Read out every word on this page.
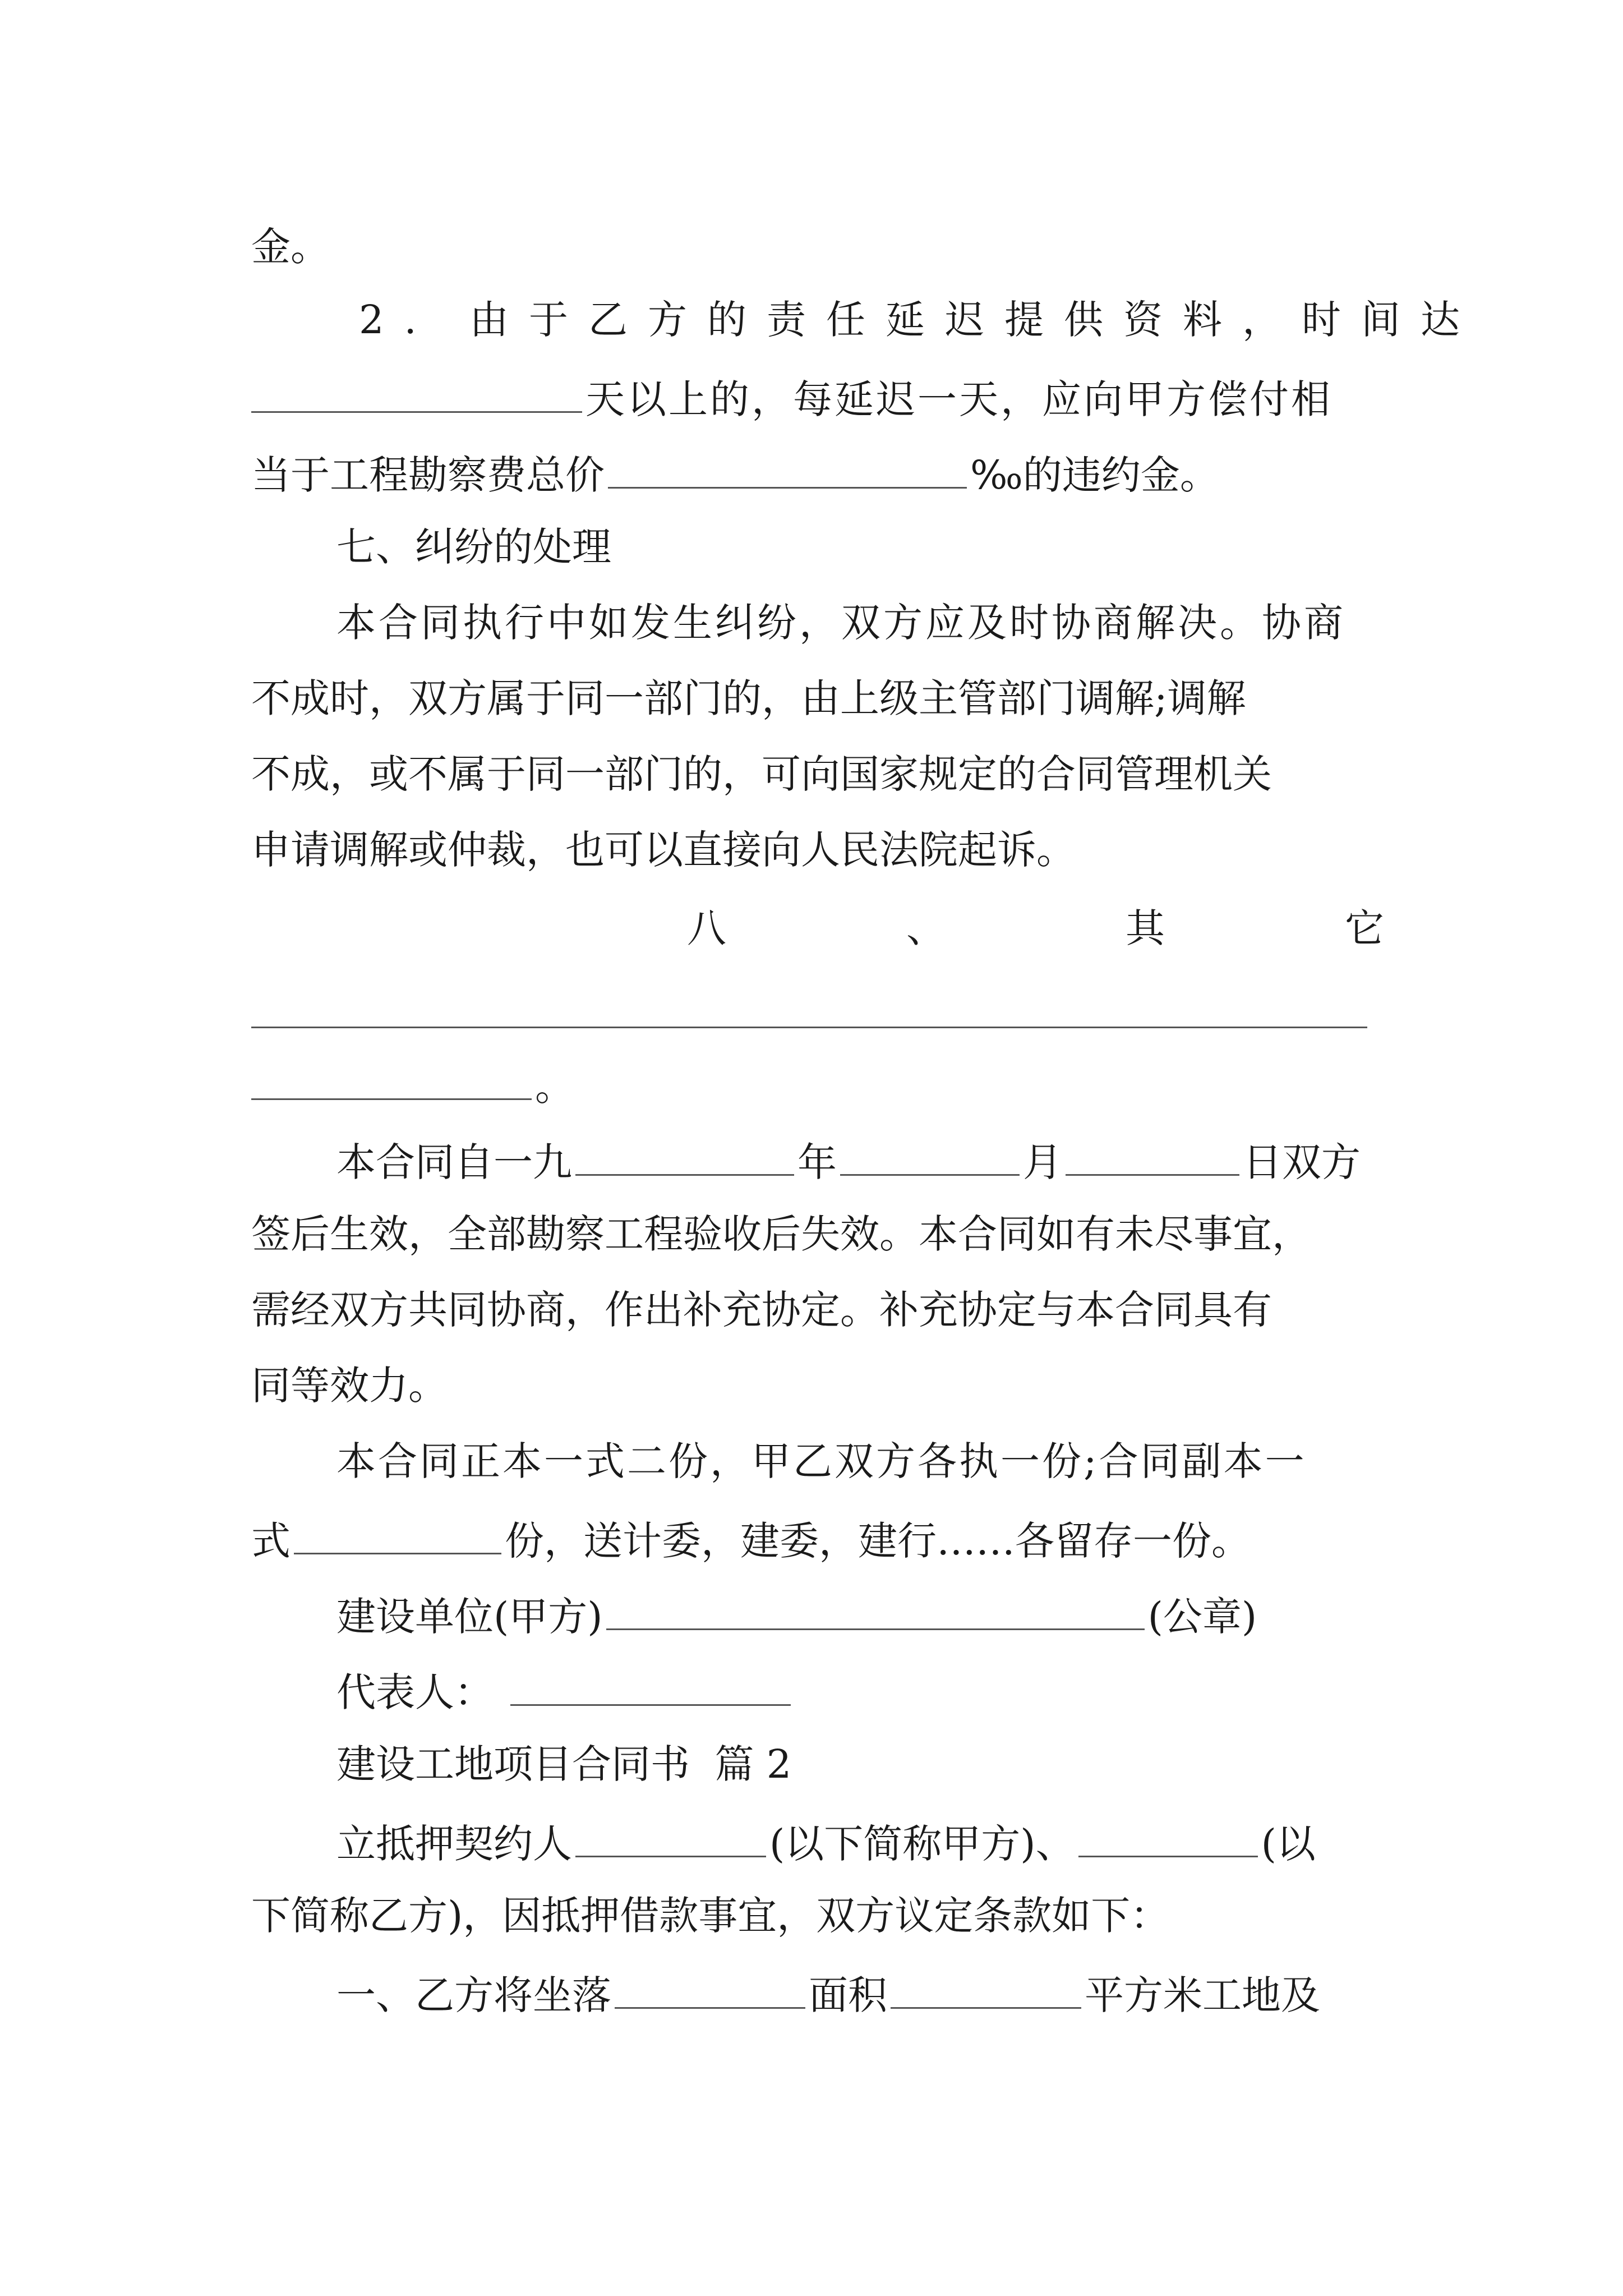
金。
2. 由于乙方的责任延迟提供资料，时间达
天以上的，每延迟一天，应向甲方偿付相
当于工程勘察费总价	‰的违约金。
七、纠纷的处理
本合同执行中如发生纠纷，双方应及时协商解决。协商
不成时，双方属于同一部门的，由上级主管部门调解;调解
不成，或不属于同一部门的，可向国家规定的合同管理机关
申请调解或仲裁，也可以直接向人民法院起诉。
八	、	其	它
。
本合同自一九	年	月	日双方
签后生效，全部勘察工程验收后失效。本合同如有未尽事宜，
需经双方共同协商，作出补充协定。补充协定与本合同具有
同等效力。
本合同正本一式二份，甲乙双方各执一份;合同副本一
式	份，送计委，建委，建行……各留存一份。
建设单位(甲方)	(公章)
代表人：
建设工地项目合同书  篇 2
立抵押契约人	(以下简称甲方)、	(以
下简称乙方)，因抵押借款事宜，双方议定条款如下：
一、乙方将坐落	面积	平方米工地及
